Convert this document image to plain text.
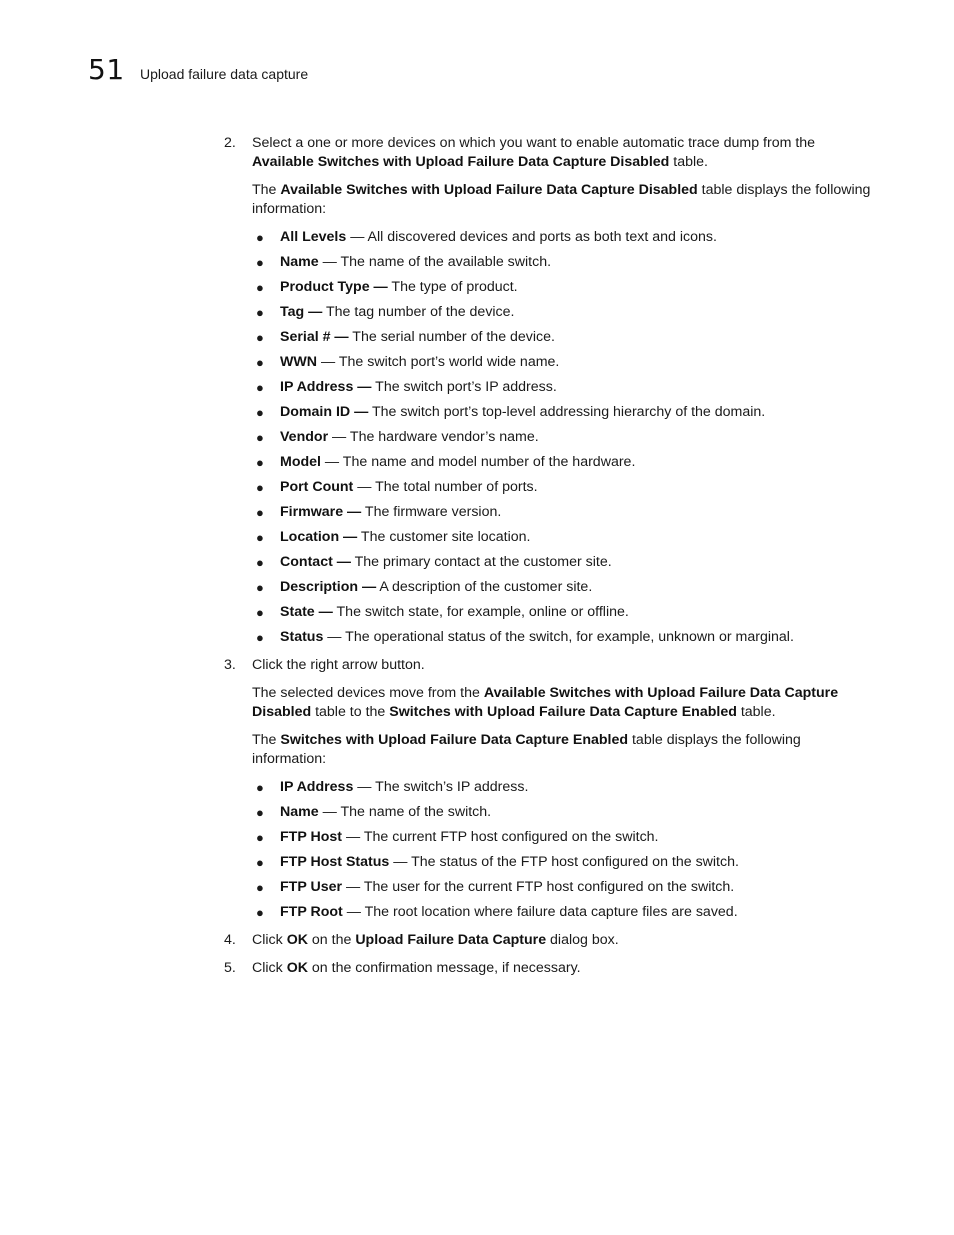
51 Upload failure data capture
2.	Select a one or more devices on which you want to enable automatic trace dump from the Available Switches with Upload Failure Data Capture Disabled table.

The Available Switches with Upload Failure Data Capture Disabled table displays the following information:

● All Levels — All discovered devices and ports as both text and icons.
● Name — The name of the available switch.
● Product Type — The type of product.
● Tag — The tag number of the device.
● Serial # — The serial number of the device.
● WWN — The switch port’s world wide name.
● IP Address — The switch port’s IP address.
● Domain ID — The switch port’s top-level addressing hierarchy of the domain.
● Vendor — The hardware vendor’s name.
● Model — The name and model number of the hardware.
● Port Count — The total number of ports.
● Firmware — The firmware version.
● Location — The customer site location.
● Contact — The primary contact at the customer site.
● Description — A description of the customer site.
● State — The switch state, for example, online or offline.
● Status — The operational status of the switch, for example, unknown or marginal.
3.	Click the right arrow button.

The selected devices move from the Available Switches with Upload Failure Data Capture Disabled table to the Switches with Upload Failure Data Capture Enabled table.

The Switches with Upload Failure Data Capture Enabled table displays the following information:

● IP Address — The switch’s IP address.
● Name — The name of the switch.
● FTP Host — The current FTP host configured on the switch.
● FTP Host Status — The status of the FTP host configured on the switch.
● FTP User — The user for the current FTP host configured on the switch.
● FTP Root — The root location where failure data capture files are saved.
4.	Click OK on the Upload Failure Data Capture dialog box.

5.	Click OK on the confirmation message, if necessary.
